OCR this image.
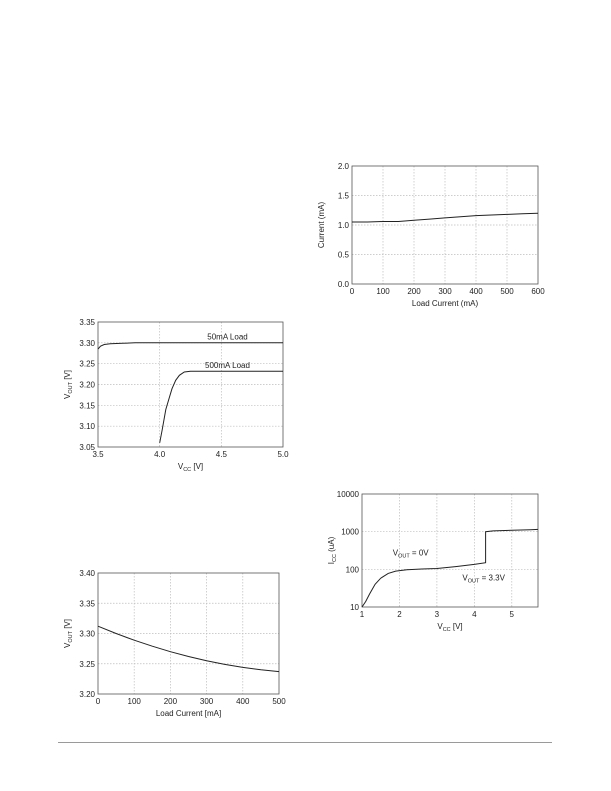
0	100 200 300 400 500 600
0.0
0.5
1.0
1.5
2.0
Load Current (mA)
Current (mA)
3.5	4.0	4.5	5.0
3.05
3.10
3.15
3.20
3.25
3.30
3.35
$V_{CC}$ [V]
$V_{OUT}$ [V]
50mA Load
500mA Load
0	100	200	300	400	500
3.20
3.25
3.30
3.35
3.40
Load Current [mA]
$V_{OUT}$ [V]
1	2	3	4	5
10
100
1000
10000
$V_{CC}$ [V]
$I_{CC}$ (uA)	$V_{OUT} = 0V$
$V_{OUT} = 3.3V$
